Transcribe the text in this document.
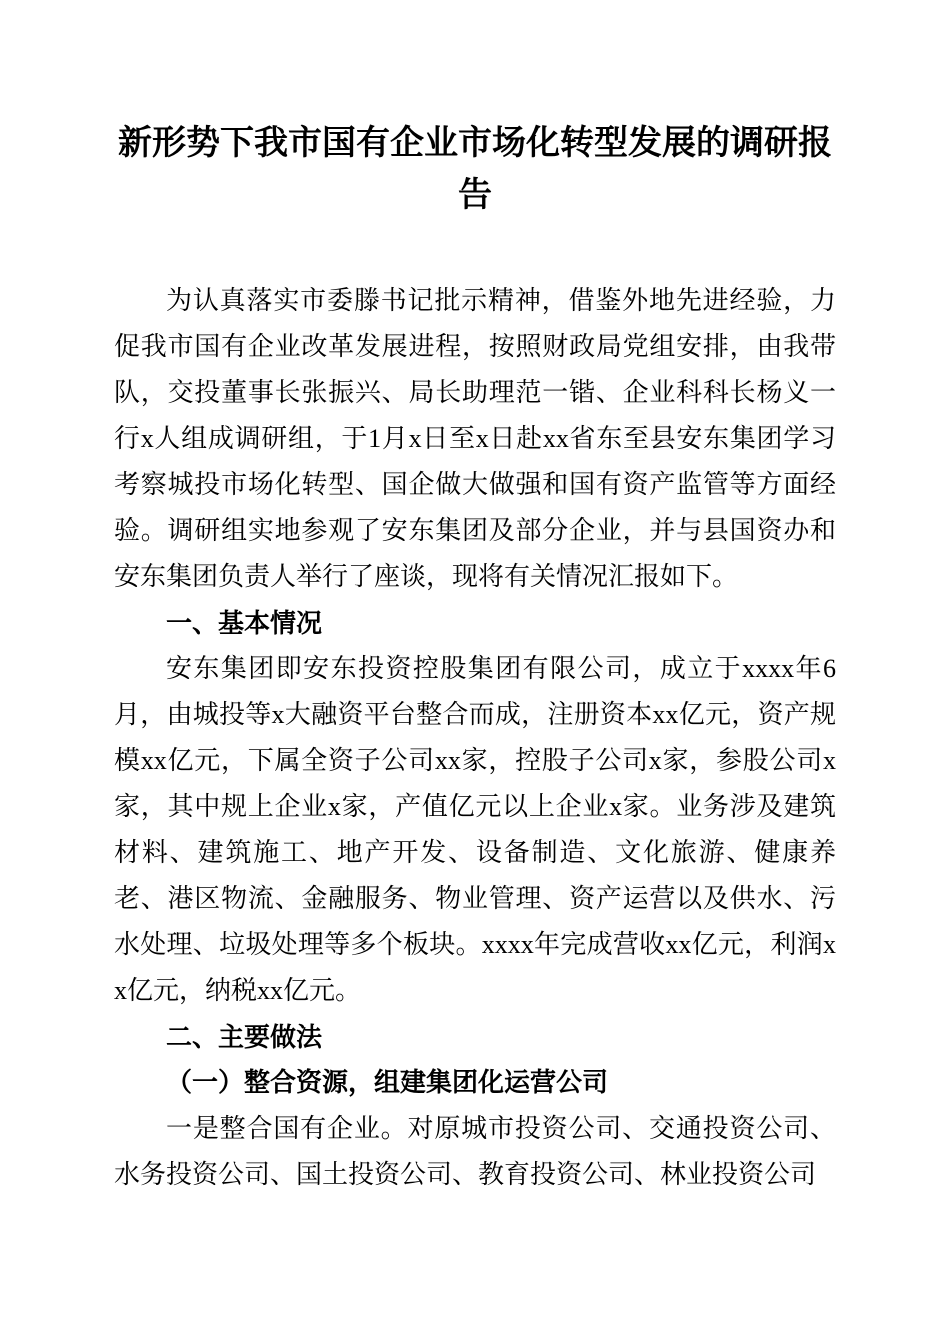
新形势下我市国有企业市场化转型发展的调研报告

为认真落实市委滕书记批示精神，借鉴外地先进经验，力促我市国有企业改革发展进程，按照财政局党组安排，由我带队，交投董事长张振兴、局长助理范一锴、企业科科长杨义一行x人组成调研组，于1月x日至x日赴xx省东至县安东集团学习考察城投市场化转型、国企做大做强和国有资产监管等方面经验。调研组实地参观了安东集团及部分企业，并与县国资办和安东集团负责人举行了座谈，现将有关情况汇报如下。

一、基本情况

安东集团即安东投资控股集团有限公司，成立于xxxx年6月，由城投等x大融资平台整合而成，注册资本xx亿元，资产规模xx亿元，下属全资子公司xx家，控股子公司x家，参股公司x家，其中规上企业x家，产值亿元以上企业x家。业务涉及建筑材料、建筑施工、地产开发、设备制造、文化旅游、健康养老、港区物流、金融服务、物业管理、资产运营以及供水、污水处理、垃圾处理等多个板块。xxxx年完成营收xx亿元，利润xx亿元，纳税xx亿元。

二、主要做法
（一）整合资源，组建集团化运营公司

一是整合国有企业。对原城市投资公司、交通投资公司、水务投资公司、国土投资公司、教育投资公司、林业投资公司
